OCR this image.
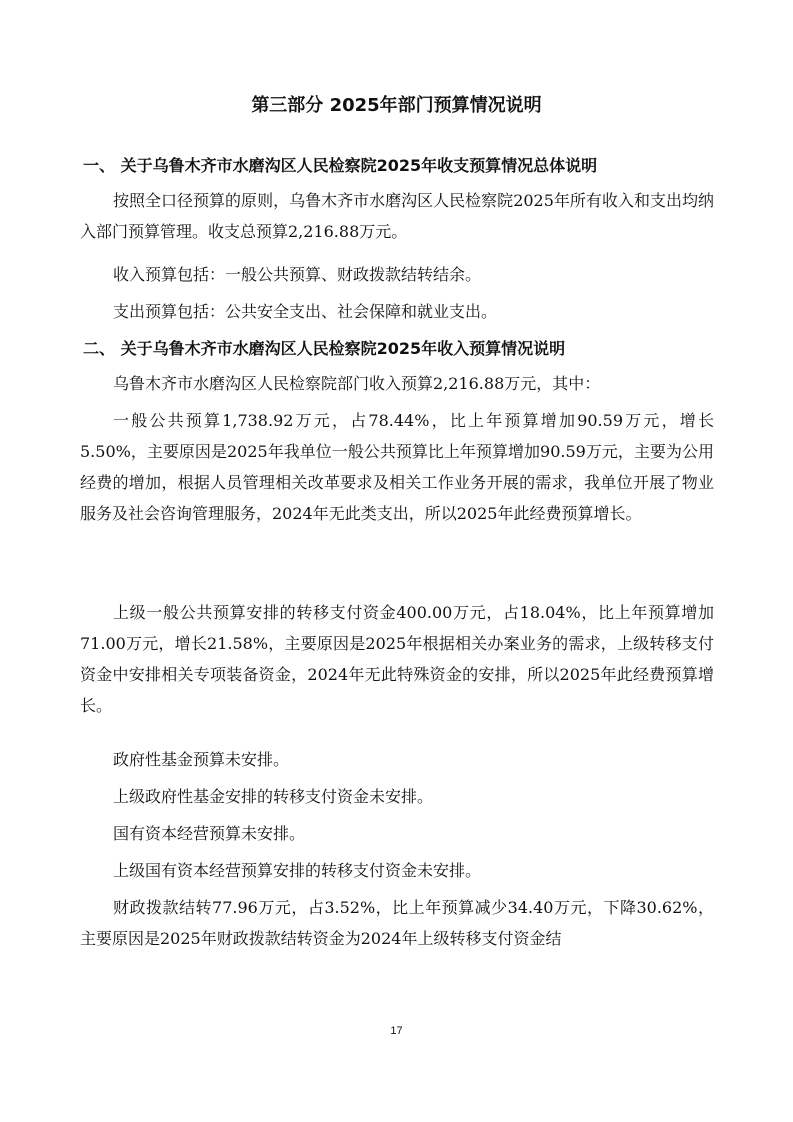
第三部分 2025年部门预算情况说明
一、 关于乌鲁木齐市水磨沟区人民检察院2025年收支预算情况总体说明
按照全口径预算的原则，乌鲁木齐市水磨沟区人民检察院2025年所有收入和支出均纳入部门预算管理。收支总预算2,216.88万元。
收入预算包括：一般公共预算、财政拨款结转结余。
支出预算包括：公共安全支出、社会保障和就业支出。
二、 关于乌鲁木齐市水磨沟区人民检察院2025年收入预算情况说明
乌鲁木齐市水磨沟区人民检察院部门收入预算2,216.88万元，其中：
一般公共预算1,738.92万元，占78.44%，比上年预算增加90.59万元，增长5.50%，主要原因是2025年我单位一般公共预算比上年预算增加90.59万元，主要为公用经费的增加，根据人员管理相关改革要求及相关工作业务开展的需求，我单位开展了物业服务及社会咨询管理服务，2024年无此类支出，所以2025年此经费预算增长。
上级一般公共预算安排的转移支付资金400.00万元，占18.04%，比上年预算增加71.00万元，增长21.58%，主要原因是2025年根据相关办案业务的需求，上级转移支付资金中安排相关专项装备资金，2024年无此特殊资金的安排，所以2025年此经费预算增长。
政府性基金预算未安排。
上级政府性基金安排的转移支付资金未安排。
国有资本经营预算未安排。
上级国有资本经营预算安排的转移支付资金未安排。
财政拨款结转77.96万元，占3.52%，比上年预算减少34.40万元，下降30.62%，主要原因是2025年财政拨款结转资金为2024年上级转移支付资金结
17
